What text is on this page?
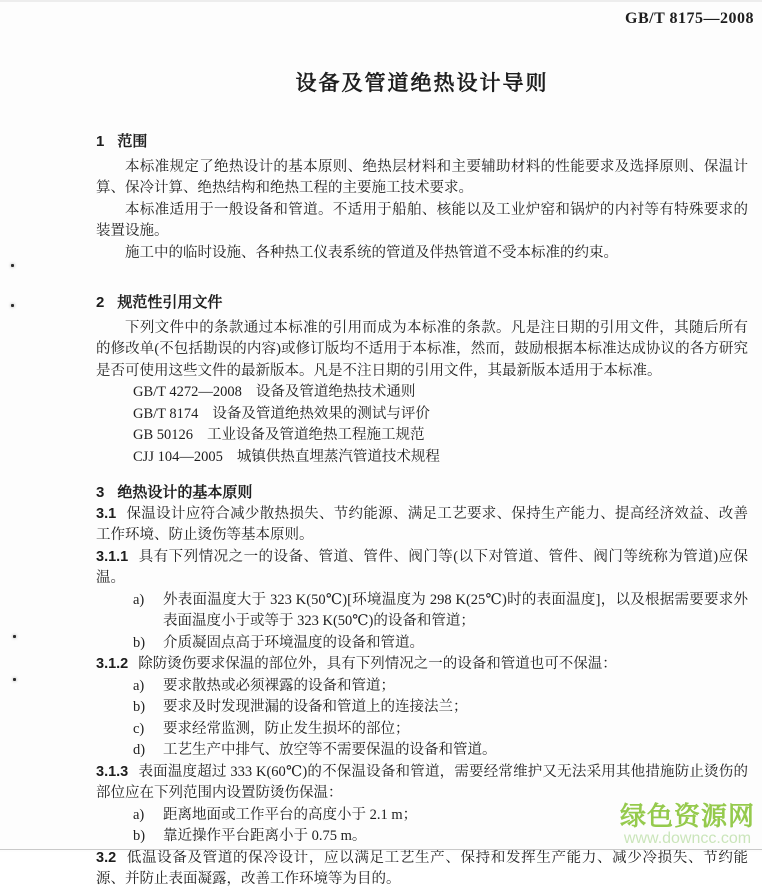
绿色资源网
www.downcc.com
GB/T 8175—2008
设备及管道绝热设计导则
1 范围

本标准规定了绝热设计的基本原则、绝热层材料和主要辅助材料的性能要求及选择原则、保温计算、保冷计算、绝热结构和绝热工程的主要施工技术要求。

本标准适用于一般设备和管道。不适用于船舶、核能以及工业炉窑和锅炉的内衬等有特殊要求的装置设施。

施工中的临时设施、各种热工仪表系统的管道及伴热管道不受本标准的约束。

2 规范性引用文件

下列文件中的条款通过本标准的引用而成为本标准的条款。凡是注日期的引用文件，其随后所有的修改单(不包括勘误的内容)或修订版均不适用于本标准，然而，鼓励根据本标准达成协议的各方研究是否可使用这些文件的最新版本。凡是不注日期的引用文件，其最新版本适用于本标准。

GB/T 4272—2008 设备及管道绝热技术通则
GB/T 8174 设备及管道绝热效果的测试与评价
GB 50126 工业设备及管道绝热工程施工规范
CJJ 104—2005 城镇供热直埋蒸汽管道技术规程
3 绝热设计的基本原则

3.1 保温设计应符合减少散热损失、节约能源、满足工艺要求、保持生产能力、提高经济效益、改善工作环境、防止烫伤等基本原则。

3.1.1 具有下列情况之一的设备、管道、管件、阀门等(以下对管道、管件、阀门等统称为管道)应保温。

a)	外表面温度大于 323 K(50℃)[环境温度为 298 K(25℃)时的表面温度]，以及根据需要要求外表面温度小于或等于 323 K(50℃)的设备和管道；
b)	介质凝固点高于环境温度的设备和管道。

3.1.2 除防烫伤要求保温的部位外，具有下列情况之一的设备和管道也可不保温：

a)	要求散热或必须裸露的设备和管道；
b)	要求及时发现泄漏的设备和管道上的连接法兰；
c)	要求经常监测，防止发生损坏的部位；
d)	工艺生产中排气、放空等不需要保温的设备和管道。

3.1.3 表面温度超过 333 K(60℃)的不保温设备和管道，需要经常维护又无法采用其他措施防止烫伤的部位应在下列范围内设置防烫伤保温：

a)	距离地面或工作平台的高度小于 2.1 m；
b)	靠近操作平台距离小于 0.75 m。

3.2 低温设备及管道的保冷设计，应以满足工艺生产、保持和发挥生产能力、减少冷损失、节约能源、并防止表面凝露，改善工作环境等为目的。
